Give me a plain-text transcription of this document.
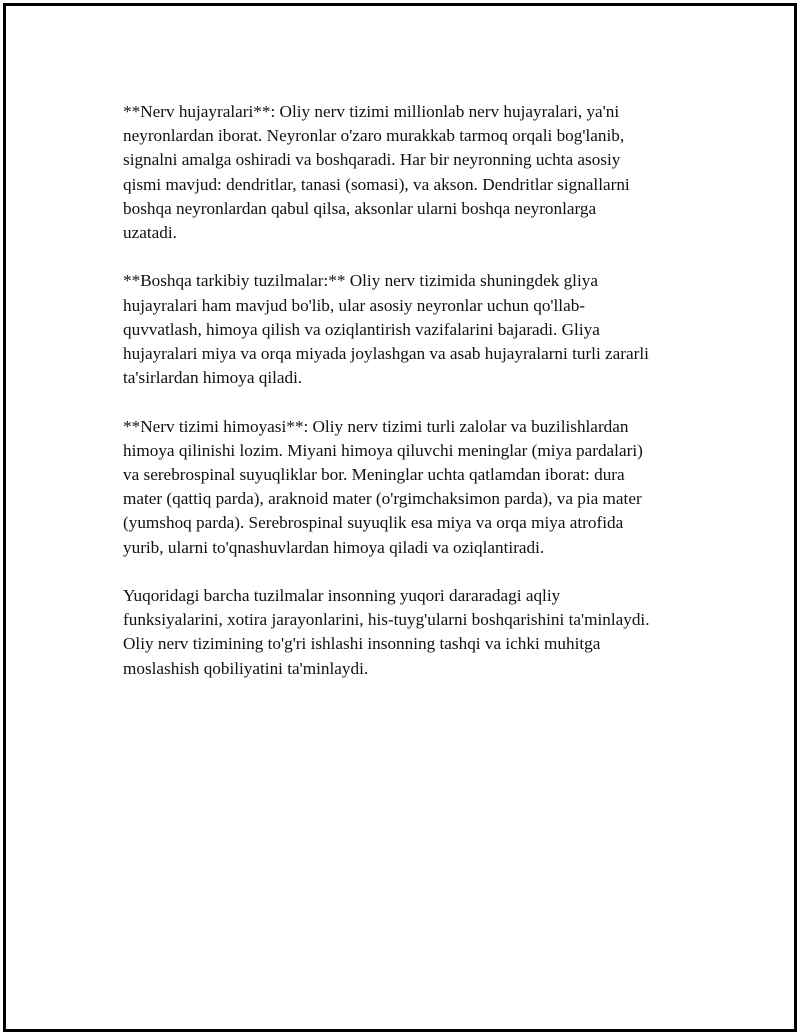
**Nerv hujayralari**: Oliy nerv tizimi millionlab nerv hujayralari, ya'ni
neyronlardan iborat. Neyronlar o'zaro murakkab tarmoq orqali bog'lanib,
signalni amalga oshiradi va boshqaradi. Har bir neyronning uchta asosiy
qismi mavjud: dendritlar, tanasi (somasi), va akson. Dendritlar signallarni
boshqa neyronlardan qabul qilsa, aksonlar ularni boshqa neyronlarga
uzatadi.

**Boshqa tarkibiy tuzilmalar:** Oliy nerv tizimida shuningdek gliya
hujayralari ham mavjud bo'lib, ular asosiy neyronlar uchun qo'llab-
quvvatlash, himoya qilish va oziqlantirish vazifalarini bajaradi. Gliya
hujayralari miya va orqa miyada joylashgan va asab hujayralarni turli zararli
ta'sirlardan himoya qiladi.

**Nerv tizimi himoyasi**: Oliy nerv tizimi turli zalolar va buzilishlardan
himoya qilinishi lozim. Miyani himoya qiluvchi meninglar (miya pardalari)
va serebrospinal suyuqliklar bor. Meninglar uchta qatlamdan iborat: dura
mater (qattiq parda), araknoid mater (o'rgimchaksimon parda), va pia mater
(yumshoq parda). Serebrospinal suyuqlik esa miya va orqa miya atrofida
yurib, ularni to'qnashuvlardan himoya qiladi va oziqlantiradi.

Yuqoridagi barcha tuzilmalar insonning yuqori dararadagi aqliy
funksiyalarini, xotira jarayonlarini, his-tuyg'ularni boshqarishini ta'minlaydi.
Oliy nerv tizimining to'g'ri ishlashi insonning tashqi va ichki muhitga
moslashish qobiliyatini ta'minlaydi.
